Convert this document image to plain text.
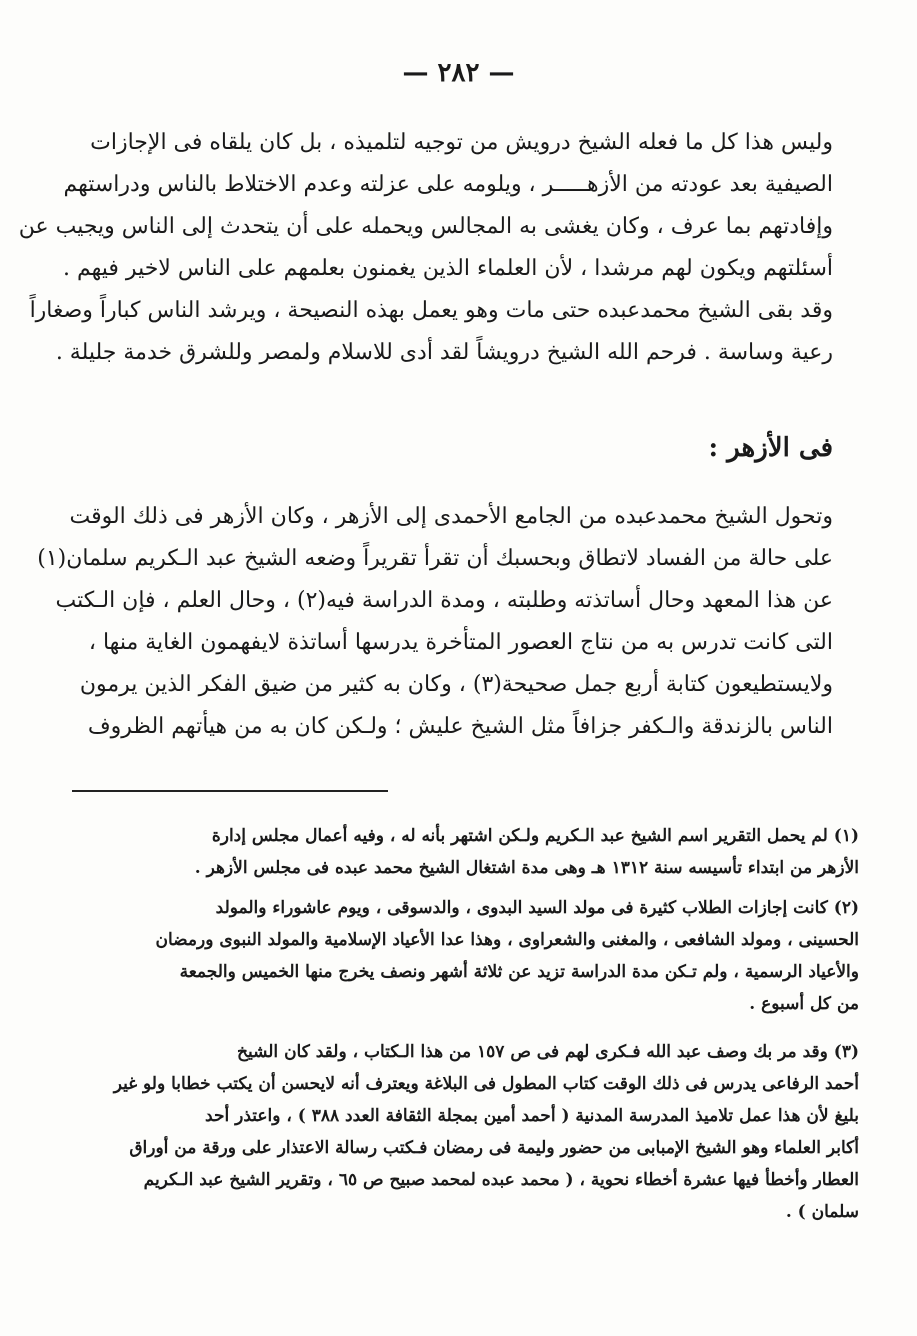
— ٢٨٢ —
وليس هذا كل ما فعله الشيخ درويش من توجيه لتلميذه ، بل كان يلقاه فى الإجازات
الصيفية بعد عودته من الأزهـــــر ، ويلومه على عزلته وعدم الاختلاط بالناس ودراستهم
وإفادتهم بما عرف ، وكان يغشى به المجالس ويحمله على أن يتحدث إلى الناس ويجيب عن
أسئلتهم ويكون لهم مرشدا ، لأن العلماء الذين يغمنون بعلمهم على الناس لاخير فيهم .
وقد بقى الشيخ محمدعبده حتى مات وهو يعمل بهذه النصيحة ، ويرشد الناس كباراً وصغاراً
رعية وساسة . فرحم الله الشيخ درويشاً لقد أدى للاسلام ولمصر وللشرق خدمة جليلة .
فى الأزهر :
وتحول الشيخ محمدعبده من الجامع الأحمدى إلى الأزهر ، وكان الأزهر فى ذلك الوقت
على حالة من الفساد لاتطاق وبحسبك أن تقرأ تقريراً وضعه الشيخ عبد الـكريم سلمان(١)
عن هذا المعهد وحال أساتذته وطلبته ، ومدة الدراسة فيه(٢) ، وحال العلم ، فإن الـكتب
التى كانت تدرس به من نتاج العصور المتأخرة يدرسها أساتذة لايفهمون الغاية منها ،
ولايستطيعون كتابة أربع جمل صحيحة(٣) ، وكان به كثير من ضيق الفكر الذين يرمون
الناس بالزندقة والـكفر جزافاً مثل الشيخ عليش ؛ ولـكن كان به من هيأتهم الظروف
(١) لم يحمل التقرير اسم الشيخ عبد الـكريم ولـكن اشتهر بأنه له ، وفيه أعمال مجلس إدارة
الأزهر من ابتداء تأسيسه سنة ١٣١٢ هـ وهى مدة اشتغال الشيخ محمد عبده فى مجلس الأزهر .
(٢) كانت إجازات الطلاب كثيرة فى مولد السيد البدوى ، والدسوقى ، ويوم عاشوراء والمولد
الحسينى ، ومولد الشافعى ، والمغنى والشعراوى ، وهذا عدا الأعياد الإسلامية والمولد النبوى ورمضان
والأعياد الرسمية ، ولم تـكن مدة الدراسة تزيد عن ثلاثة أشهر ونصف يخرج منها الخميس والجمعة
من كل أسبوع .
(٣) وقد مر بك وصف عبد الله فـكرى لهم فى ص ١٥٧ من هذا الـكتاب ، ولقد كان الشيخ
أحمد الرفاعى يدرس فى ذلك الوقت كتاب المطول فى البلاغة ويعترف أنه لايحسن أن يكتب خطابا ولو غير
بليغ لأن هذا عمل تلاميذ المدرسة المدنية ( أحمد أمين بمجلة الثقافة العدد ٣٨٨ ) ، واعتذر أحد
أكابر العلماء وهو الشيخ الإمبابى من حضور وليمة فى رمضان فـكتب رسالة الاعتذار على ورقة من أوراق
العطار وأخطأ فيها عشرة أخطاء نحوية ، ( محمد عبده لمحمد صبيح ص ٦٥ ، وتقرير الشيخ عبد الـكريم
سلمان ) .
